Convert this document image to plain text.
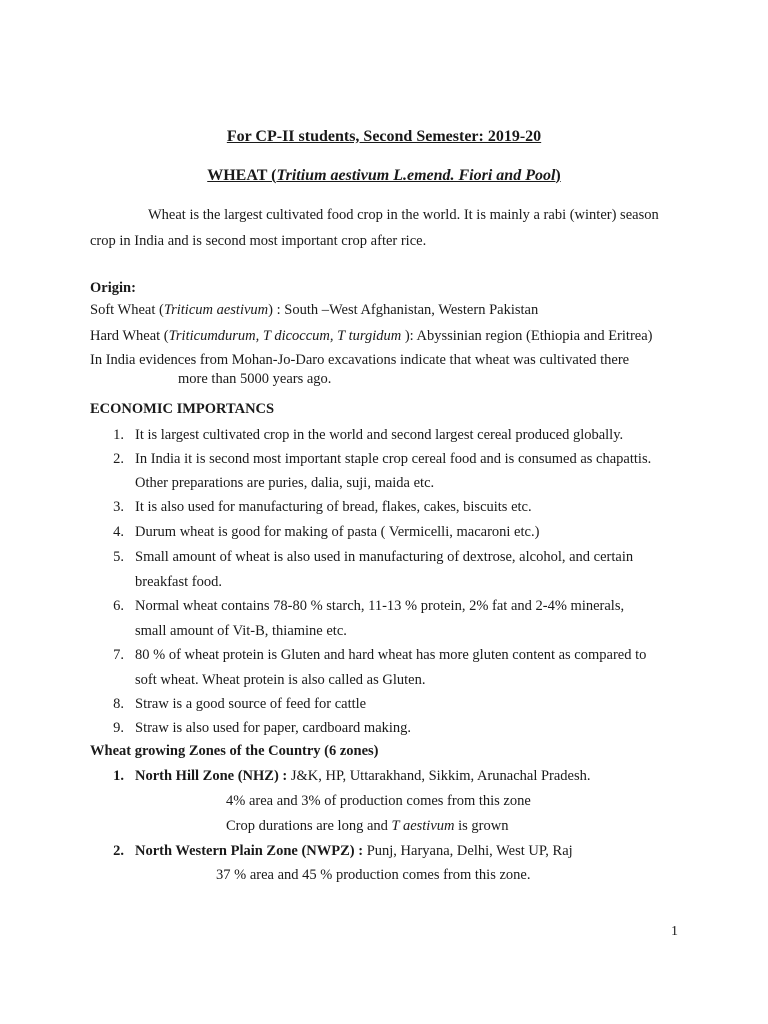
For CP-II students, Second Semester: 2019-20
WHEAT (Tritium aestivum L.emend. Fiori and Pool)
Wheat is the largest cultivated food crop in the world. It is mainly a rabi (winter) season
crop in India and is second most important crop after rice.
Origin:
Soft Wheat (Triticum aestivum) : South –West Afghanistan, Western Pakistan
Hard Wheat (Triticumdurum, T dicoccum, T turgidum ): Abyssinian region (Ethiopia and Eritrea)
In India evidences from Mohan-Jo-Daro excavations indicate that wheat was cultivated there
more than 5000 years ago.
ECONOMIC IMPORTANCS
1. It is largest cultivated crop in the world and second largest cereal produced globally.
2. In India it is second most important staple crop cereal food and is consumed as chapattis.
Other preparations are puries, dalia, suji, maida etc.
3. It is also used for manufacturing of bread, flakes, cakes, biscuits etc.
4. Durum wheat is good for making of pasta ( Vermicelli, macaroni etc.)
5. Small amount of wheat is also used in manufacturing of dextrose, alcohol, and certain
breakfast food.
6. Normal wheat contains 78-80 % starch, 11-13 % protein, 2% fat and 2-4% minerals,
small amount of Vit-B, thiamine etc.
7. 80 % of wheat protein is Gluten and hard wheat has more gluten content as compared to
soft wheat. Wheat protein is also called as Gluten.
8. Straw is a good source of feed for cattle
9. Straw is also used for paper, cardboard making.
Wheat growing Zones of the Country (6 zones)
1. North Hill Zone (NHZ) : J&K, HP, Uttarakhand, Sikkim, Arunachal Pradesh.
4% area and 3% of production comes from this zone
Crop durations are long and T aestivum is grown
2. North Western Plain Zone (NWPZ) : Punj, Haryana, Delhi, West UP, Raj
37 % area and 45 % production comes from this zone.
1
